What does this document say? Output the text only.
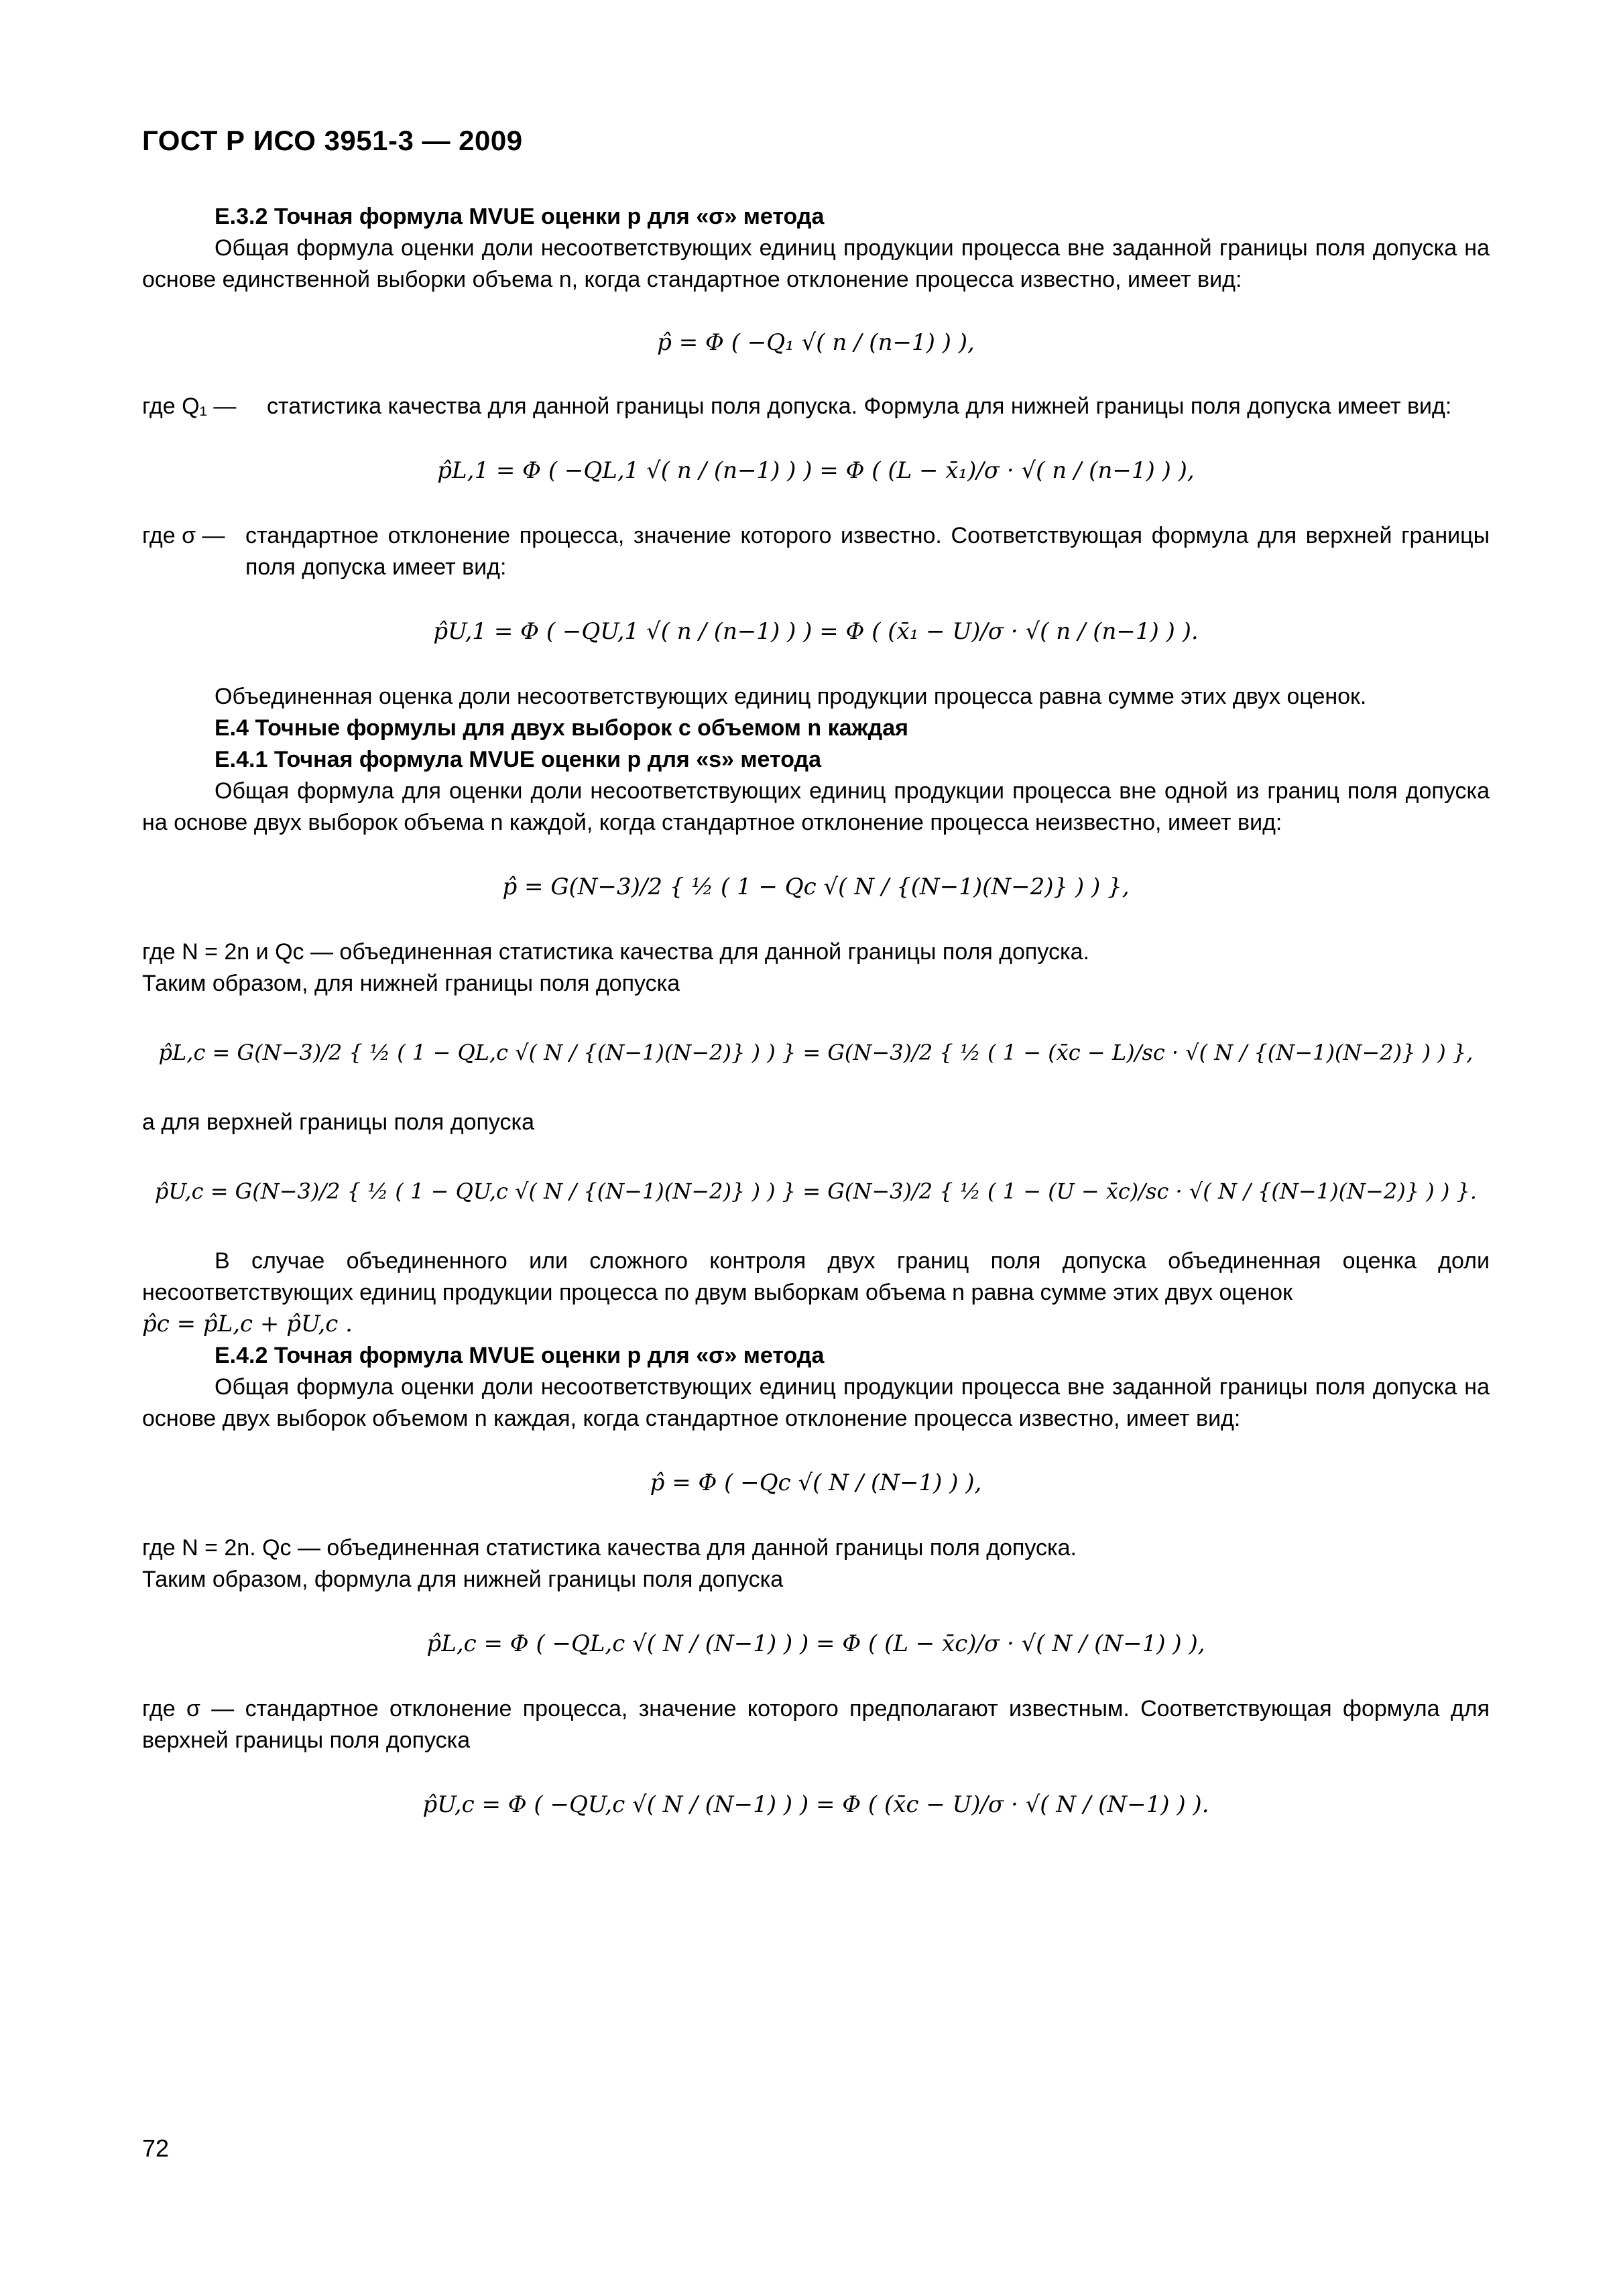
ГОСТ Р ИСО 3951-3 — 2009

Е.3.2 Точная формула MVUE оценки p для «σ» метода

Общая формула оценки доли несоответствующих единиц продукции процесса вне заданной границы поля допуска на основе единственной выборки объема n, когда стандартное отклонение процесса известно, имеет вид:

p̂ = Φ ( −Q₁ √( n / (n−1) ) ),
где Q₁ —	статистика качества для данной границы поля допуска. Формула для нижней границы поля допуска имеет вид:
p̂L,1 = Φ ( −QL,1 √( n / (n−1) ) ) = Φ ( (L − x̄₁)/σ · √( n / (n−1) ) ),
где σ — стандартное отклонение процесса, значение которого известно. Соответствующая формула для верхней границы поля допуска имеет вид:
p̂U,1 = Φ ( −QU,1 √( n / (n−1) ) ) = Φ ( (x̄₁ − U)/σ · √( n / (n−1) ) ).

Объединенная оценка доли несоответствующих единиц продукции процесса равна сумме этих двух оценок.

Е.4 Точные формулы для двух выборок с объемом n каждая

Е.4.1 Точная формула MVUE оценки p для «s» метода

Общая формула для оценки доли несоответствующих единиц продукции процесса вне одной из границ поля допуска на основе двух выборок объема n каждой, когда стандартное отклонение процесса неизвестно, имеет вид:

p̂ = G(N−3)/2 { ½ ( 1 − Qc √( N / {(N−1)(N−2)} ) ) },

где N = 2n и Qc — объединенная статистика качества для данной границы поля допуска.

Таким образом, для нижней границы поля допуска

p̂L,c = G(N−3)/2 { ½ ( 1 − QL,c √( N / {(N−1)(N−2)} ) ) } = G(N−3)/2 { ½ ( 1 − (x̄c − L)/sc · √( N / {(N−1)(N−2)} ) ) },

а для верхней границы поля допуска

p̂U,c = G(N−3)/2 { ½ ( 1 − QU,c √( N / {(N−1)(N−2)} ) ) } = G(N−3)/2 { ½ ( 1 − (U − x̄c)/sc · √( N / {(N−1)(N−2)} ) ) }.

В случае объединенного или сложного контроля двух границ поля допуска объединенная оценка доли несоответствующих единиц продукции процесса по двум выборкам объема n равна сумме этих двух оценок

p̂c = p̂L,c + p̂U,c .

Е.4.2 Точная формула MVUE оценки p для «σ» метода

Общая формула оценки доли несоответствующих единиц продукции процесса вне заданной границы поля допуска на основе двух выборок объемом n каждая, когда стандартное отклонение процесса известно, имеет вид:

p̂ = Φ ( −Qc √( N / (N−1) ) ),

где N = 2n. Qc — объединенная статистика качества для данной границы поля допуска.

Таким образом, формула для нижней границы поля допуска

p̂L,c = Φ ( −QL,c √( N / (N−1) ) ) = Φ ( (L − x̄c)/σ · √( N / (N−1) ) ),

где σ — стандартное отклонение процесса, значение которого предполагают известным. Соответствующая формула для верхней границы поля допуска

p̂U,c = Φ ( −QU,c √( N / (N−1) ) ) = Φ ( (x̄c − U)/σ · √( N / (N−1) ) ).
72
